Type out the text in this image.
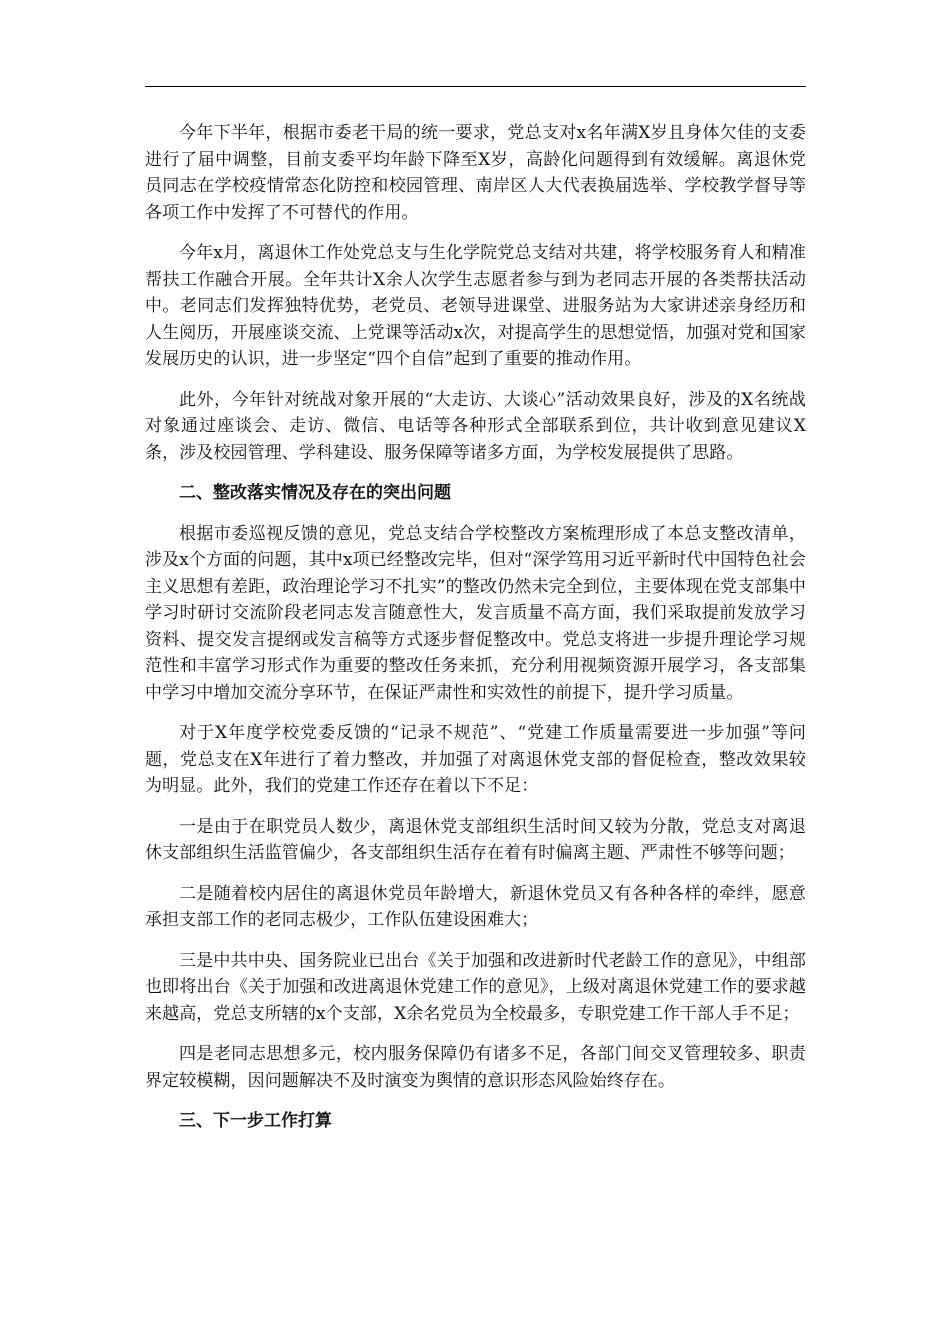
今年下半年，根据市委老干局的统一要求，党总支对x名年满X岁且身体欠佳的支委进行了届中调整，目前支委平均年龄下降至X岁，高龄化问题得到有效缓解。离退休党员同志在学校疫情常态化防控和校园管理、南岸区人大代表换届选举、学校教学督导等各项工作中发挥了不可替代的作用。

今年x月，离退休工作处党总支与生化学院党总支结对共建，将学校服务育人和精准帮扶工作融合开展。全年共计X余人次学生志愿者参与到为老同志开展的各类帮扶活动中。老同志们发挥独特优势，老党员、老领导进课堂、进服务站为大家讲述亲身经历和人生阅历，开展座谈交流、上党课等活动x次，对提高学生的思想觉悟，加强对党和国家发展历史的认识，进一步坚定“四个自信”起到了重要的推动作用。

此外，今年针对统战对象开展的“大走访、大谈心”活动效果良好，涉及的X名统战对象通过座谈会、走访、微信、电话等各种形式全部联系到位，共计收到意见建议X条，涉及校园管理、学科建设、服务保障等诸多方面，为学校发展提供了思路。

二、整改落实情况及存在的突出问题

根据市委巡视反馈的意见，党总支结合学校整改方案梳理形成了本总支整改清单，涉及x个方面的问题，其中x项已经整改完毕，但对“深学笃用习近平新时代中国特色社会主义思想有差距，政治理论学习不扎实”的整改仍然未完全到位，主要体现在党支部集中学习时研讨交流阶段老同志发言随意性大，发言质量不高方面，我们采取提前发放学习资料、提交发言提纲或发言稿等方式逐步督促整改中。党总支将进一步提升理论学习规范性和丰富学习形式作为重要的整改任务来抓，充分利用视频资源开展学习，各支部集中学习中增加交流分享环节，在保证严肃性和实效性的前提下，提升学习质量。

对于X年度学校党委反馈的“记录不规范”、“党建工作质量需要进一步加强”等问题，党总支在X年进行了着力整改，并加强了对离退休党支部的督促检查，整改效果较为明显。此外，我们的党建工作还存在着以下不足：

一是由于在职党员人数少，离退休党支部组织生活时间又较为分散，党总支对离退休支部组织生活监管偏少，各支部组织生活存在着有时偏离主题、严肃性不够等问题；

二是随着校内居住的离退休党员年龄增大，新退休党员又有各种各样的牵绊，愿意承担支部工作的老同志极少，工作队伍建设困难大；

三是中共中央、国务院业已出台《关于加强和改进新时代老龄工作的意见》，中组部也即将出台《关于加强和改进离退休党建工作的意见》，上级对离退休党建工作的要求越来越高，党总支所辖的x个支部，X余名党员为全校最多，专职党建工作干部人手不足；

四是老同志思想多元，校内服务保障仍有诸多不足，各部门间交叉管理较多、职责界定较模糊，因问题解决不及时演变为舆情的意识形态风险始终存在。

三、下一步工作打算
